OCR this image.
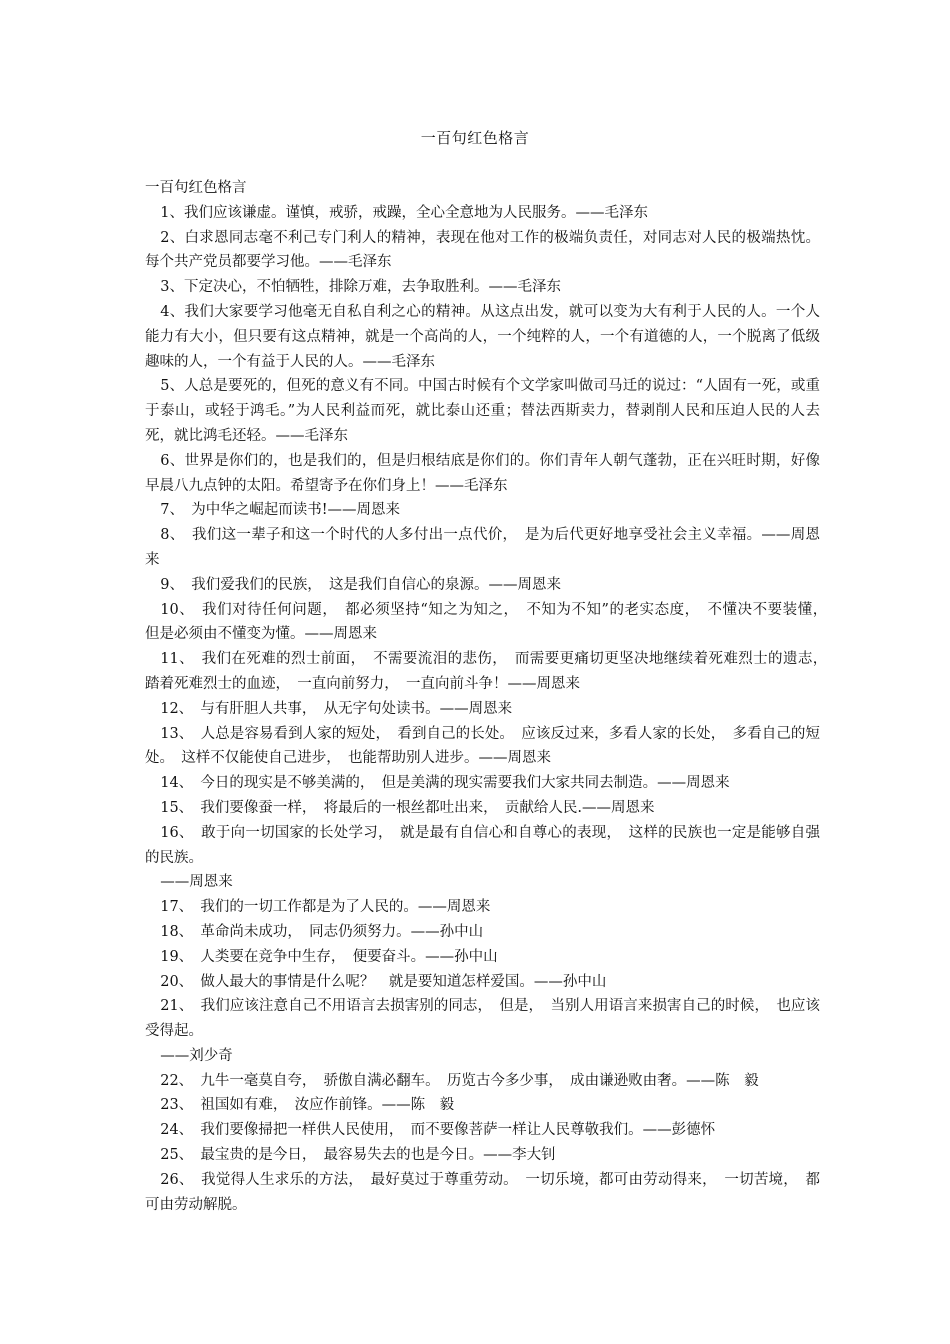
一百句红色格言

一百句红色格言

1、我们应该谦虚。谨慎，戒骄，戒躁，全心全意地为人民服务。——毛泽东

2、白求恩同志毫不利己专门利人的精神，表现在他对工作的极端负责任，对同志对人民的极端热忱。每个共产党员都要学习他。——毛泽东

3、下定决心，不怕牺牲，排除万难，去争取胜利。——毛泽东

4、我们大家要学习他毫无自私自利之心的精神。从这点出发，就可以变为大有利于人民的人。一个人能力有大小，但只要有这点精神，就是一个高尚的人，一个纯粹的人，一个有道德的人，一个脱离了低级趣味的人，一个有益于人民的人。——毛泽东

5、人总是要死的，但死的意义有不同。中国古时候有个文学家叫做司马迁的说过：“人固有一死，或重于泰山，或轻于鸿毛。”为人民利益而死，就比泰山还重；替法西斯卖力，替剥削人民和压迫人民的人去死，就比鸿毛还轻。——毛泽东

6、世界是你们的，也是我们的，但是归根结底是你们的。你们青年人朝气蓬勃，正在兴旺时期，好像早晨八九点钟的太阳。希望寄予在你们身上！——毛泽东

7、　为中华之崛起而读书!——周恩来

8、　我们这一辈子和这一个时代的人多付出一点代价，　是为后代更好地享受社会主义幸福。——周恩来

9、　我们爱我们的民族，　这是我们自信心的泉源。——周恩来

10、　我们对待任何问题，　都必须坚持“知之为知之，　不知为不知”的老实态度，　不懂决不要装懂，　但是必须由不懂变为懂。——周恩来

11、　我们在死难的烈士前面，　不需要流泪的悲伤，　而需要更痛切更坚决地继续着死难烈士的遗志，　踏着死难烈士的血迹，　一直向前努力，　一直向前斗争！——周恩来

12、　与有肝胆人共事，　从无字句处读书。——周恩来

13、　人总是容易看到人家的短处，　看到自己的长处。　应该反过来，多看人家的长处，　多看自己的短处。　这样不仅能使自己进步，　也能帮助别人进步。——周恩来

14、　今日的现实是不够美满的，　但是美满的现实需要我们大家共同去制造。——周恩来

15、　我们要像蚕一样，　将最后的一根丝都吐出来，　贡献给人民.——周恩来

16、　敢于向一切国家的长处学习，　就是最有自信心和自尊心的表现，　这样的民族也一定是能够自强的民族。

——周恩来

17、　我们的一切工作都是为了人民的。——周恩来

18、　革命尚未成功，　同志仍须努力。——孙中山

19、　人类要在竞争中生存，　便要奋斗。——孙中山

20、　做人最大的事情是什么呢？　就是要知道怎样爱国。——孙中山

21、　我们应该注意自己不用语言去损害别的同志，　但是，　当别人用语言来损害自己的时候，　也应该受得起。

——刘少奇

22、　九牛一毫莫自夸，　骄傲自满必翻车。　历览古今多少事，　成由谦逊败由奢。——陈　毅

23、　祖国如有难，　汝应作前锋。——陈　毅

24、　我们要像掃把一样供人民使用，　而不要像菩萨一样让人民尊敬我们。——彭德怀

25、　最宝贵的是今日，　最容易失去的也是今日。——李大钊

26、　我觉得人生求乐的方法，　最好莫过于尊重劳动。　一切乐境，都可由劳动得来，　一切苦境，　都可由劳动解脱。
